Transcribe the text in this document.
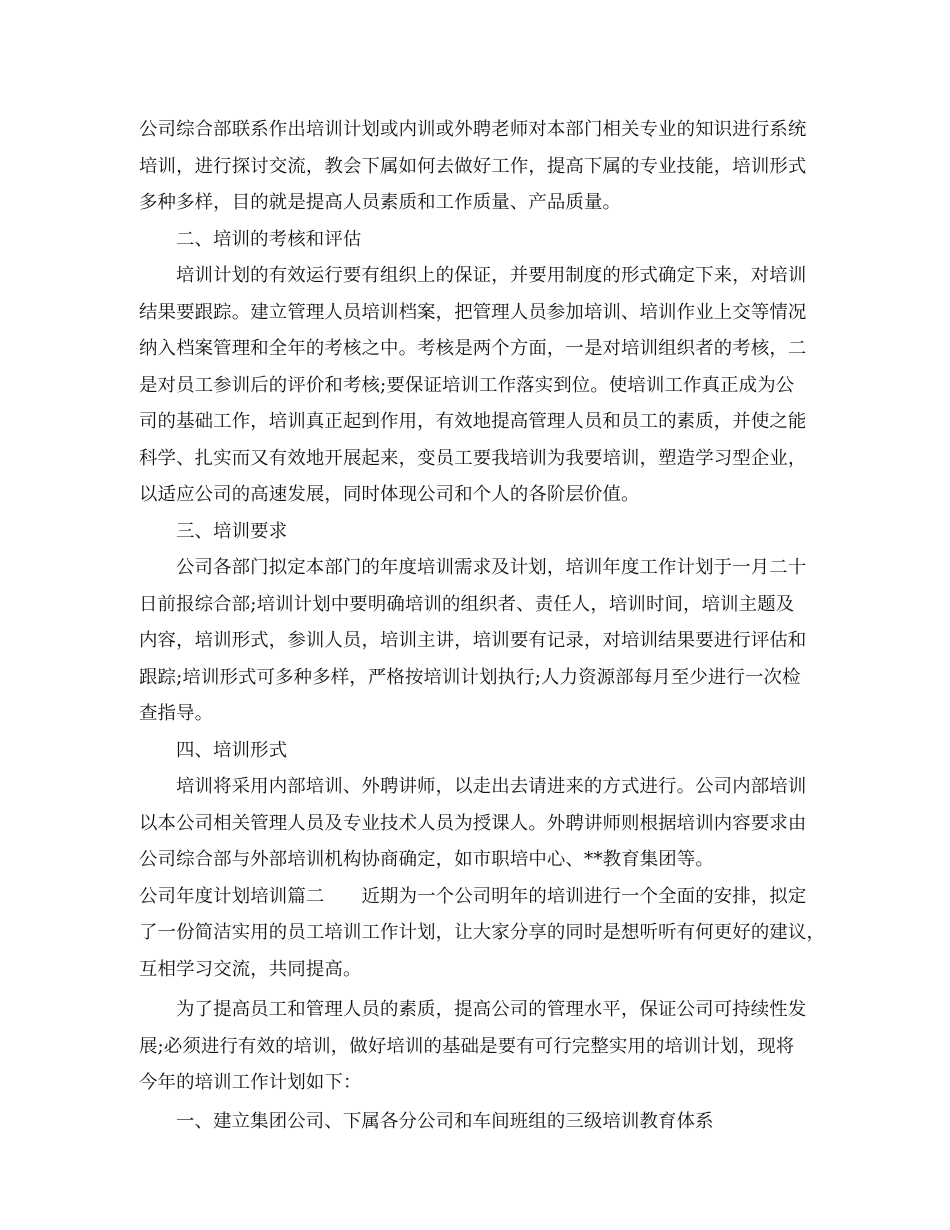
公司综合部联系作出培训计划或内训或外聘老师对本部门相关专业的知识进行系统
培训，进行探讨交流，教会下属如何去做好工作，提高下属的专业技能，培训形式
多种多样，目的就是提高人员素质和工作质量、产品质量。
二、培训的考核和评估
培训计划的有效运行要有组织上的保证，并要用制度的形式确定下来，对培训
结果要跟踪。建立管理人员培训档案，把管理人员参加培训、培训作业上交等情况
纳入档案管理和全年的考核之中。考核是两个方面，一是对培训组织者的考核，二
是对员工参训后的评价和考核;要保证培训工作落实到位。使培训工作真正成为公
司的基础工作，培训真正起到作用，有效地提高管理人员和员工的素质，并使之能
科学、扎实而又有效地开展起来，变员工要我培训为我要培训，塑造学习型企业，
以适应公司的高速发展，同时体现公司和个人的各阶层价值。
三、培训要求
公司各部门拟定本部门的年度培训需求及计划，培训年度工作计划于一月二十
日前报综合部;培训计划中要明确培训的组织者、责任人，培训时间，培训主题及
内容，培训形式，参训人员，培训主讲，培训要有记录，对培训结果要进行评估和
跟踪;培训形式可多种多样，严格按培训计划执行;人力资源部每月至少进行一次检
查指导。
四、培训形式
培训将采用内部培训、外聘讲师，以走出去请进来的方式进行。公司内部培训
以本公司相关管理人员及专业技术人员为授课人。外聘讲师则根据培训内容要求由
公司综合部与外部培训机构协商确定，如市职培中心、**教育集团等。
公司年度计划培训篇二　　近期为一个公司明年的培训进行一个全面的安排，拟定
了一份简洁实用的员工培训工作计划，让大家分享的同时是想听听有何更好的建议，
互相学习交流，共同提高。
为了提高员工和管理人员的素质，提高公司的管理水平，保证公司可持续性发
展;必须进行有效的培训，做好培训的基础是要有可行完整实用的培训计划，现将
今年的培训工作计划如下：
一、建立集团公司、下属各分公司和车间班组的三级培训教育体系
